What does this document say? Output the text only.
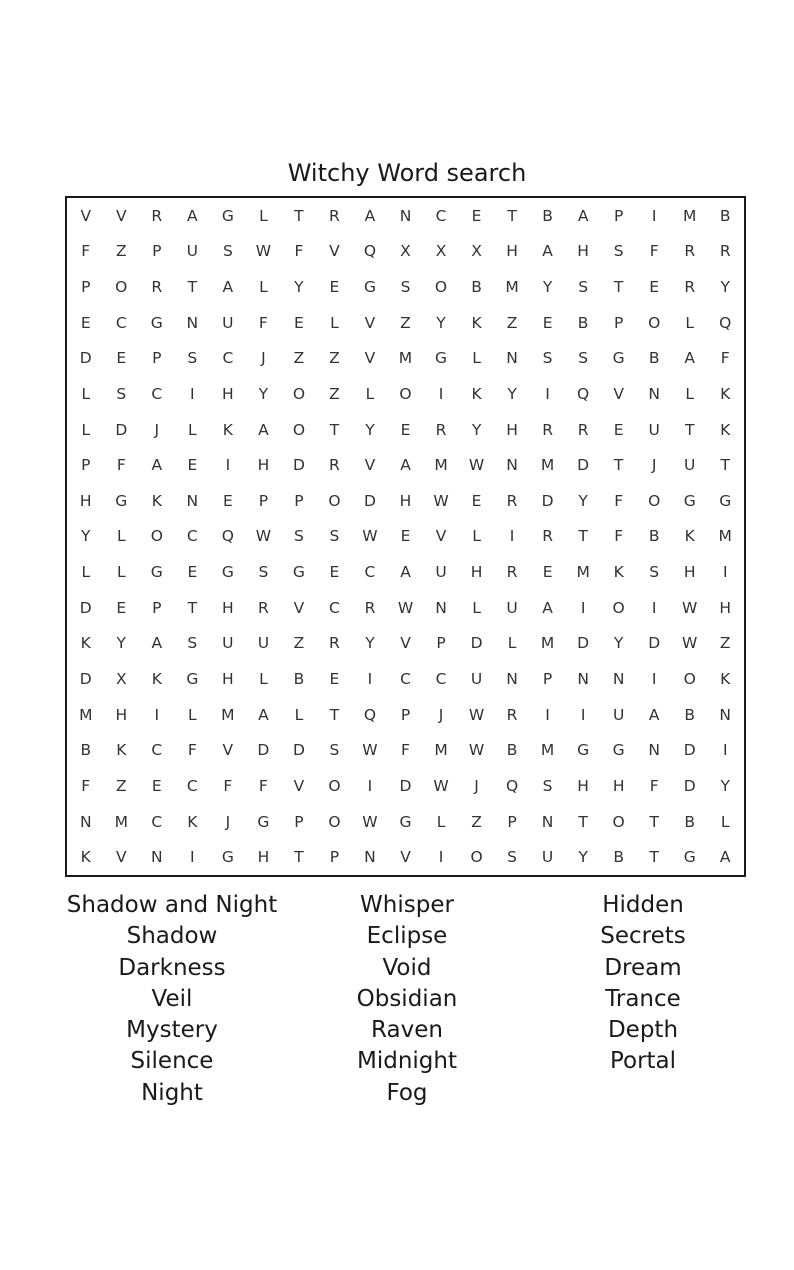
Witchy Word search
V	V	R	A	G	L	T	R	A	N	C	E	T	B	A	P	I	M	B
F	Z	P	U	S	W	F	V	Q	X	X	X	H	A	H	S	F	R	R
P	O	R	T	A	L	Y	E	G	S	O	B	M	Y	S	T	E	R	Y
E	C	G	N	U	F	E	L	V	Z	Y	K	Z	E	B	P	O	L	Q
D	E	P	S	C	J	Z	Z	V	M	G	L	N	S	S	G	B	A	F
L	S	C	I	H	Y	O	Z	L	O	I	K	Y	I	Q	V	N	L	K
L	D	J	L	K	A	O	T	Y	E	R	Y	H	R	R	E	U	T	K
P	F	A	E	I	H	D	R	V	A	M	W	N	M	D	T	J	U	T
H	G	K	N	E	P	P	O	D	H	W	E	R	D	Y	F	O	G	G
Y	L	O	C	Q	W	S	S	W	E	V	L	I	R	T	F	B	K	M
L	L	G	E	G	S	G	E	C	A	U	H	R	E	M	K	S	H	I
D	E	P	T	H	R	V	C	R	W	N	L	U	A	I	O	I	W	H
K	Y	A	S	U	U	Z	R	Y	V	P	D	L	M	D	Y	D	W	Z
D	X	K	G	H	L	B	E	I	C	C	U	N	P	N	N	I	O	K
M	H	I	L	M	A	L	T	Q	P	J	W	R	I	I	U	A	B	N
B	K	C	F	V	D	D	S	W	F	M	W	B	M	G	G	N	D	I
F	Z	E	C	F	F	V	O	I	D	W	J	Q	S	H	H	F	D	Y
N	M	C	K	J	G	P	O	W	G	L	Z	P	N	T	O	T	B	L
K	V	N	I	G	H	T	P	N	V	I	O	S	U	Y	B	T	G	A
Shadow and Night
Shadow
Darkness
Veil
Mystery
Silence
Night
Whisper
Eclipse
Void
Obsidian
Raven
Midnight
Fog
Hidden
Secrets
Dream
Trance
Depth
Portal
